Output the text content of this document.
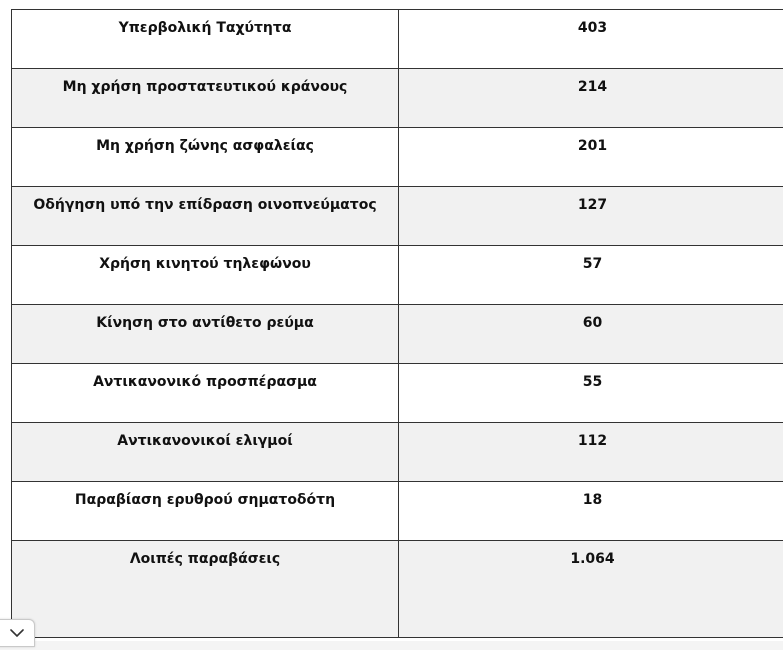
Υπερβολική Ταχύτητα	403
Μη χρήση προστατευτικού κράνους	214
Μη χρήση ζώνης ασφαλείας	201
Οδήγηση υπό την επίδραση οινοπνεύματος	127
Χρήση κινητού τηλεφώνου	57
Κίνηση στο αντίθετο ρεύμα	60
Αντικανονικό προσπέρασμα	55
Αντικανονικοί ελιγμοί	112
Παραβίαση ερυθρού σηματοδότη	18
Λοιπές παραβάσεις	1.064
